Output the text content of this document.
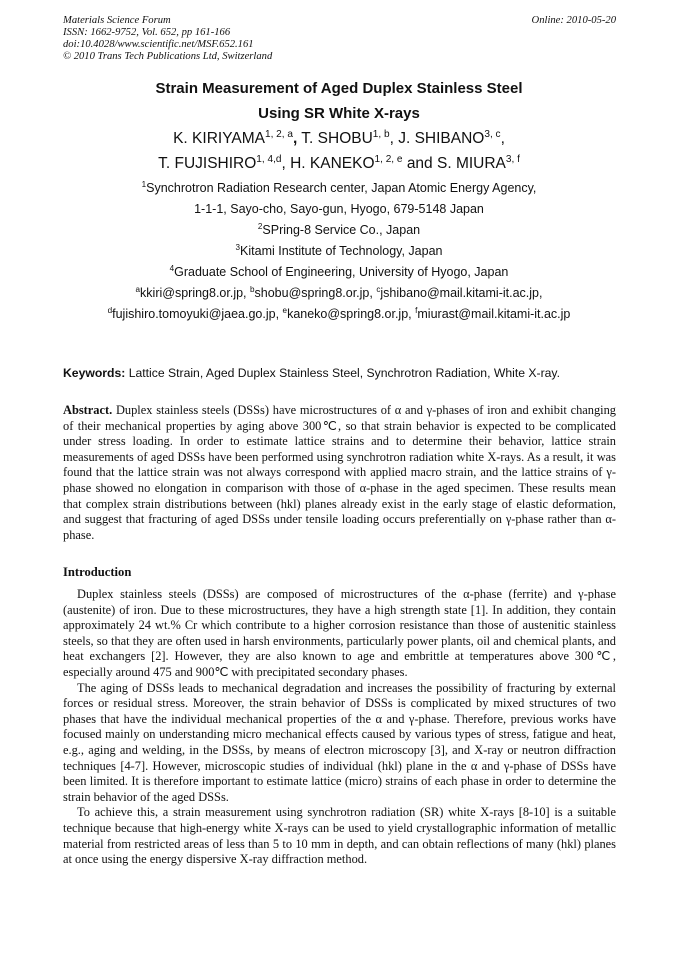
Materials Science Forum
ISSN: 1662-9752, Vol. 652, pp 161-166
doi:10.4028/www.scientific.net/MSF.652.161
© 2010 Trans Tech Publications Ltd, Switzerland
Online: 2010-05-20
Strain Measurement of Aged Duplex Stainless Steel
Using SR White X-rays
K. KIRIYAMA$^{1, 2, a}$, T. SHOBU$^{1, b}$, J. SHIBANO$^{3, c}$,
T. FUJISHIRO$^{1, 4,d}$, H. KANEKO$^{1, 2, e}$ and S. MIURA$^{3, f}$
$^1$Synchrotron Radiation Research center, Japan Atomic Energy Agency,
1-1-1, Sayo-cho, Sayo-gun, Hyogo, 679-5148 Japan
$^2$SPring-8 Service Co., Japan
$^3$Kitami Institute of Technology, Japan
$^4$Graduate School of Engineering, University of Hyogo, Japan
$^a$kkiri@spring8.or.jp, $^b$shobu@spring8.or.jp, $^c$jshibano@mail.kitami-it.ac.jp,
$^d$fujishiro.tomoyuki@jaea.go.jp, $^e$kaneko@spring8.or.jp, $^f$miurast@mail.kitami-it.ac.jp
Keywords: Lattice Strain, Aged Duplex Stainless Steel, Synchrotron Radiation, White X-ray.

Abstract. Duplex stainless steels (DSSs) have microstructures of α and γ-phases of iron and exhibit changing of their mechanical properties by aging above 300℃, so that strain behavior is expected to be complicated under stress loading. In order to estimate lattice strains and to determine their behavior, lattice strain measurements of aged DSSs have been performed using synchrotron radiation white X-rays. As a result, it was found that the lattice strain was not always correspond with applied macro strain, and the lattice strains of γ-phase showed no elongation in comparison with those of α-phase in the aged specimen. These results mean that complex strain distributions between (hkl) planes already exist in the early stage of elastic deformation, and suggest that fracturing of aged DSSs under tensile loading occurs preferentially on γ-phase rather than α-phase.

Introduction

Duplex stainless steels (DSSs) are composed of microstructures of the α-phase (ferrite) and γ-phase (austenite) of iron. Due to these microstructures, they have a high strength state [1]. In addition, they contain approximately 24 wt.% Cr which contribute to a higher corrosion resistance than those of austenitic stainless steels, so that they are often used in harsh environments, particularly power plants, oil and chemical plants, and heat exchangers [2]. However, they are also known to age and embrittle at temperatures above 300℃, especially around 475 and 900℃ with precipitated secondary phases.

The aging of DSSs leads to mechanical degradation and increases the possibility of fracturing by external forces or residual stress. Moreover, the strain behavior of DSSs is complicated by mixed structures of two phases that have the individual mechanical properties of the α and γ-phase. Therefore, previous works have focused mainly on understanding micro mechanical effects caused by various types of stress, fatigue and heat, e.g., aging and welding, in the DSSs, by means of electron microscopy [3], and X-ray or neutron diffraction techniques [4-7]. However, microscopic studies of individual (hkl) plane in the α and γ-phase of DSSs have been limited. It is therefore important to estimate lattice (micro) strains of each phase in order to determine the strain behavior of the aged DSSs.

To achieve this, a strain measurement using synchrotron radiation (SR) white X-rays [8-10] is a suitable technique because that high-energy white X-rays can be used to yield crystallographic information of metallic material from restricted areas of less than 5 to 10 mm in depth, and can obtain reflections of many (hkl) planes at once using the energy dispersive X-ray diffraction method.
